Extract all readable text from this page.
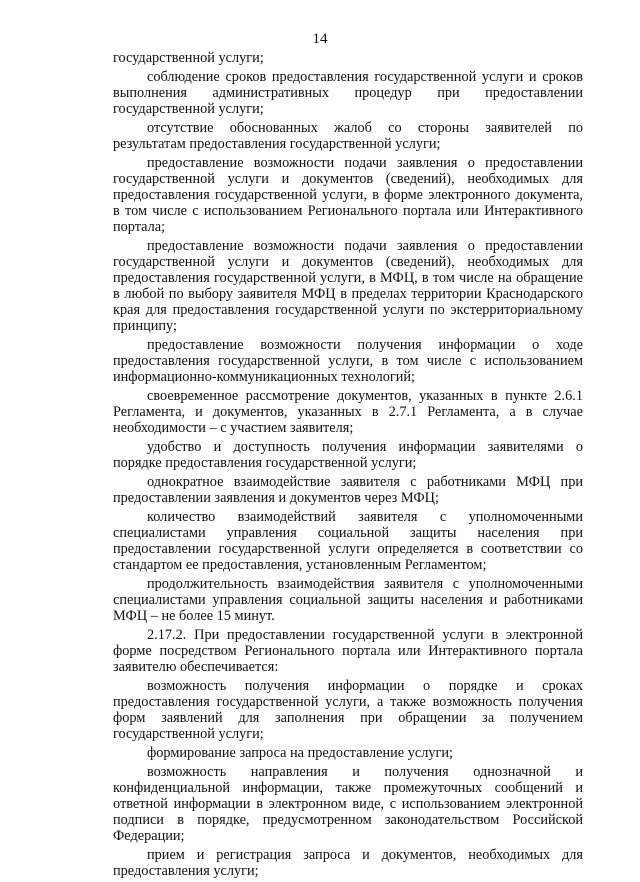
14

государственной услуги;

соблюдение сроков предоставления государственной услуги и сроков выполнения административных процедур при предоставлении государственной услуги;

отсутствие обоснованных жалоб со стороны заявителей по результатам предоставления государственной услуги;

предоставление возможности подачи заявления о предоставлении государственной услуги и документов (сведений), необходимых для предоставления государственной услуги, в форме электронного документа, в том числе с использованием Регионального портала или Интерактивного портала;

предоставление возможности подачи заявления о предоставлении государственной услуги и документов (сведений), необходимых для предоставления государственной услуги, в МФЦ, в том числе на обращение в любой по выбору заявителя МФЦ в пределах территории Краснодарского края для предоставления государственной услуги по экстерриториальному принципу;

предоставление возможности получения информации о ходе предоставления государственной услуги, в том числе с использованием информационно-коммуникационных технологий;

своевременное рассмотрение документов, указанных в пункте 2.6.1 Регламента, и документов, указанных в 2.7.1 Регламента, а в случае необходимости – с участием заявителя;

удобство и доступность получения информации заявителями о порядке предоставления государственной услуги;

однократное взаимодействие заявителя с работниками МФЦ при предоставлении заявления и документов через МФЦ;

количество взаимодействий заявителя с уполномоченными специалистами управления социальной защиты населения при предоставлении государственной услуги определяется в соответствии со стандартом ее предоставления, установленным Регламентом;

продолжительность взаимодействия заявителя с уполномоченными специалистами управления социальной защиты населения и работниками МФЦ – не более 15 минут.

2.17.2. При предоставлении государственной услуги в электронной форме посредством Регионального портала или Интерактивного портала заявителю обеспечивается:

возможность получения информации о порядке и сроках предоставления государственной услуги, а также возможность получения форм заявлений для заполнения при обращении за получением государственной услуги;

формирование запроса на предоставление услуги;

возможность направления и получения однозначной и конфиденциальной информации, также промежуточных сообщений и ответной информации в электронном виде, с использованием электронной подписи в порядке, предусмотренном законодательством Российской Федерации;

прием и регистрация запроса и документов, необходимых для предоставления услуги;
